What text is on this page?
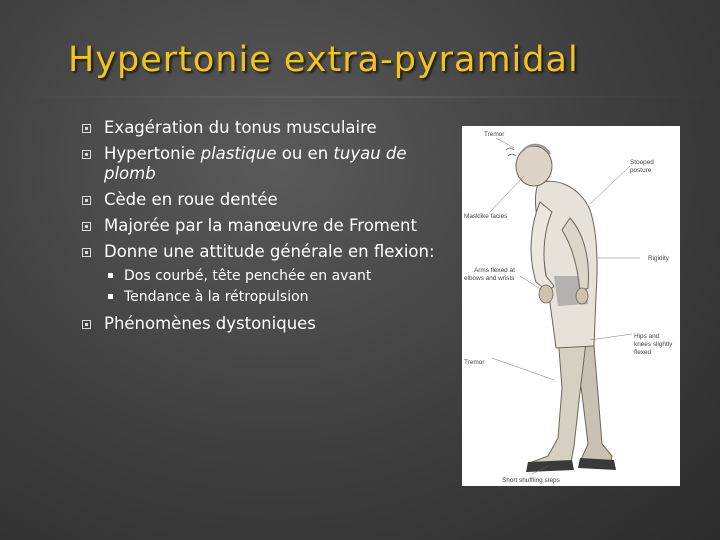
Hypertonie extra-pyramidal
Exagération du tonus musculaire
Hypertonie plastique ou en tuyau de plomb
Cède en roue dentée
Majorée par la manœuvre de Froment
Donne une attitude générale en flexion:
Dos courbé, tête penchée en avant
Tendance à la rétropulsion
Phénomènes dystoniques
Tremor
Stooped
posture
Masklike facies
Rigidity
Arms flexed at
elbows and wrists
Hips and
knees slightly
flexed
Tremor
Short shuffling steps
